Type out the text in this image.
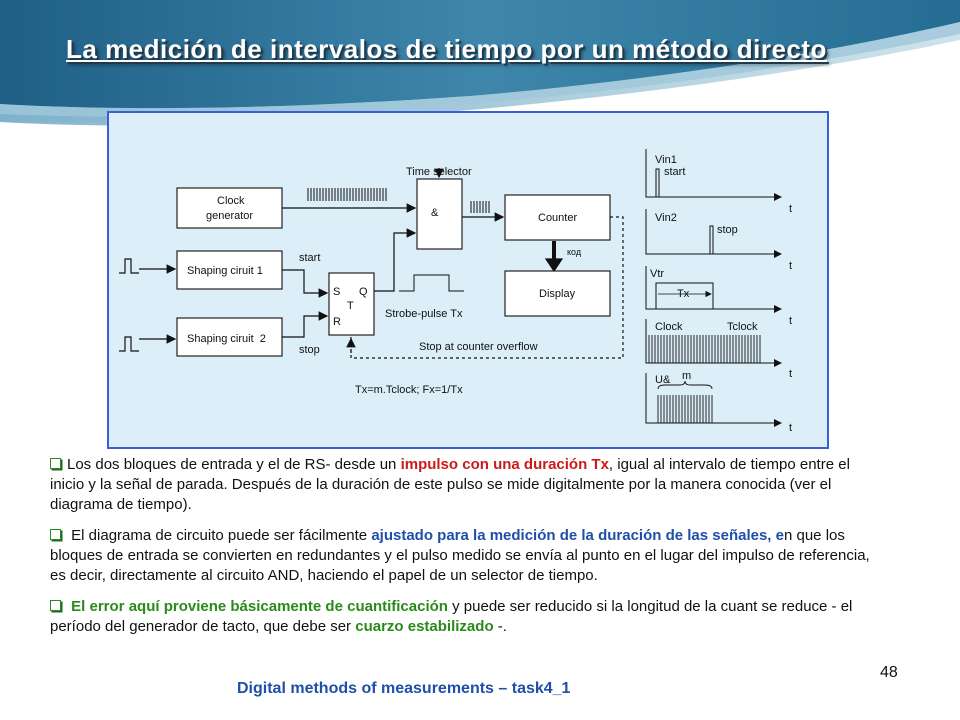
La medición de intervalos de tiempo por un método directo
Clock
generator
Time selector
&	Counter
код
Display
Shaping ciruit 1
Shaping ciruit  2
start
stop
S Q
T
R
Strobe-pulse Tx
Stop at counter overflow
Tx=m.Tclock; Fx=1/Tx
Vin1
start
Vin2
stop
Vtr
Tx
Clock	Tclock
U& m
t
t
t
t
t

Los dos bloques de entrada y el de RS- desde un impulso con una duración Tx, igual al intervalo de tiempo entre el inicio y la señal de parada. Después de la duración de este pulso se mide digitalmente por la manera conocida (ver el diagrama de tiempo).

El diagrama de circuito puede ser fácilmente ajustado para la medición de la duración de las señales, en que los bloques de entrada se convierten en redundantes y el pulso medido se envía al punto en el lugar del impulso de referencia, es decir, directamente al circuito AND, haciendo el papel de un selector de tiempo.

El error aquí proviene básicamente de cuantificación y puede ser reducido si la longitud de la cuant se reduce - el período del generador de tacto, que debe ser cuarzo estabilizado -.

48
Digital methods of measurements – task4_1
